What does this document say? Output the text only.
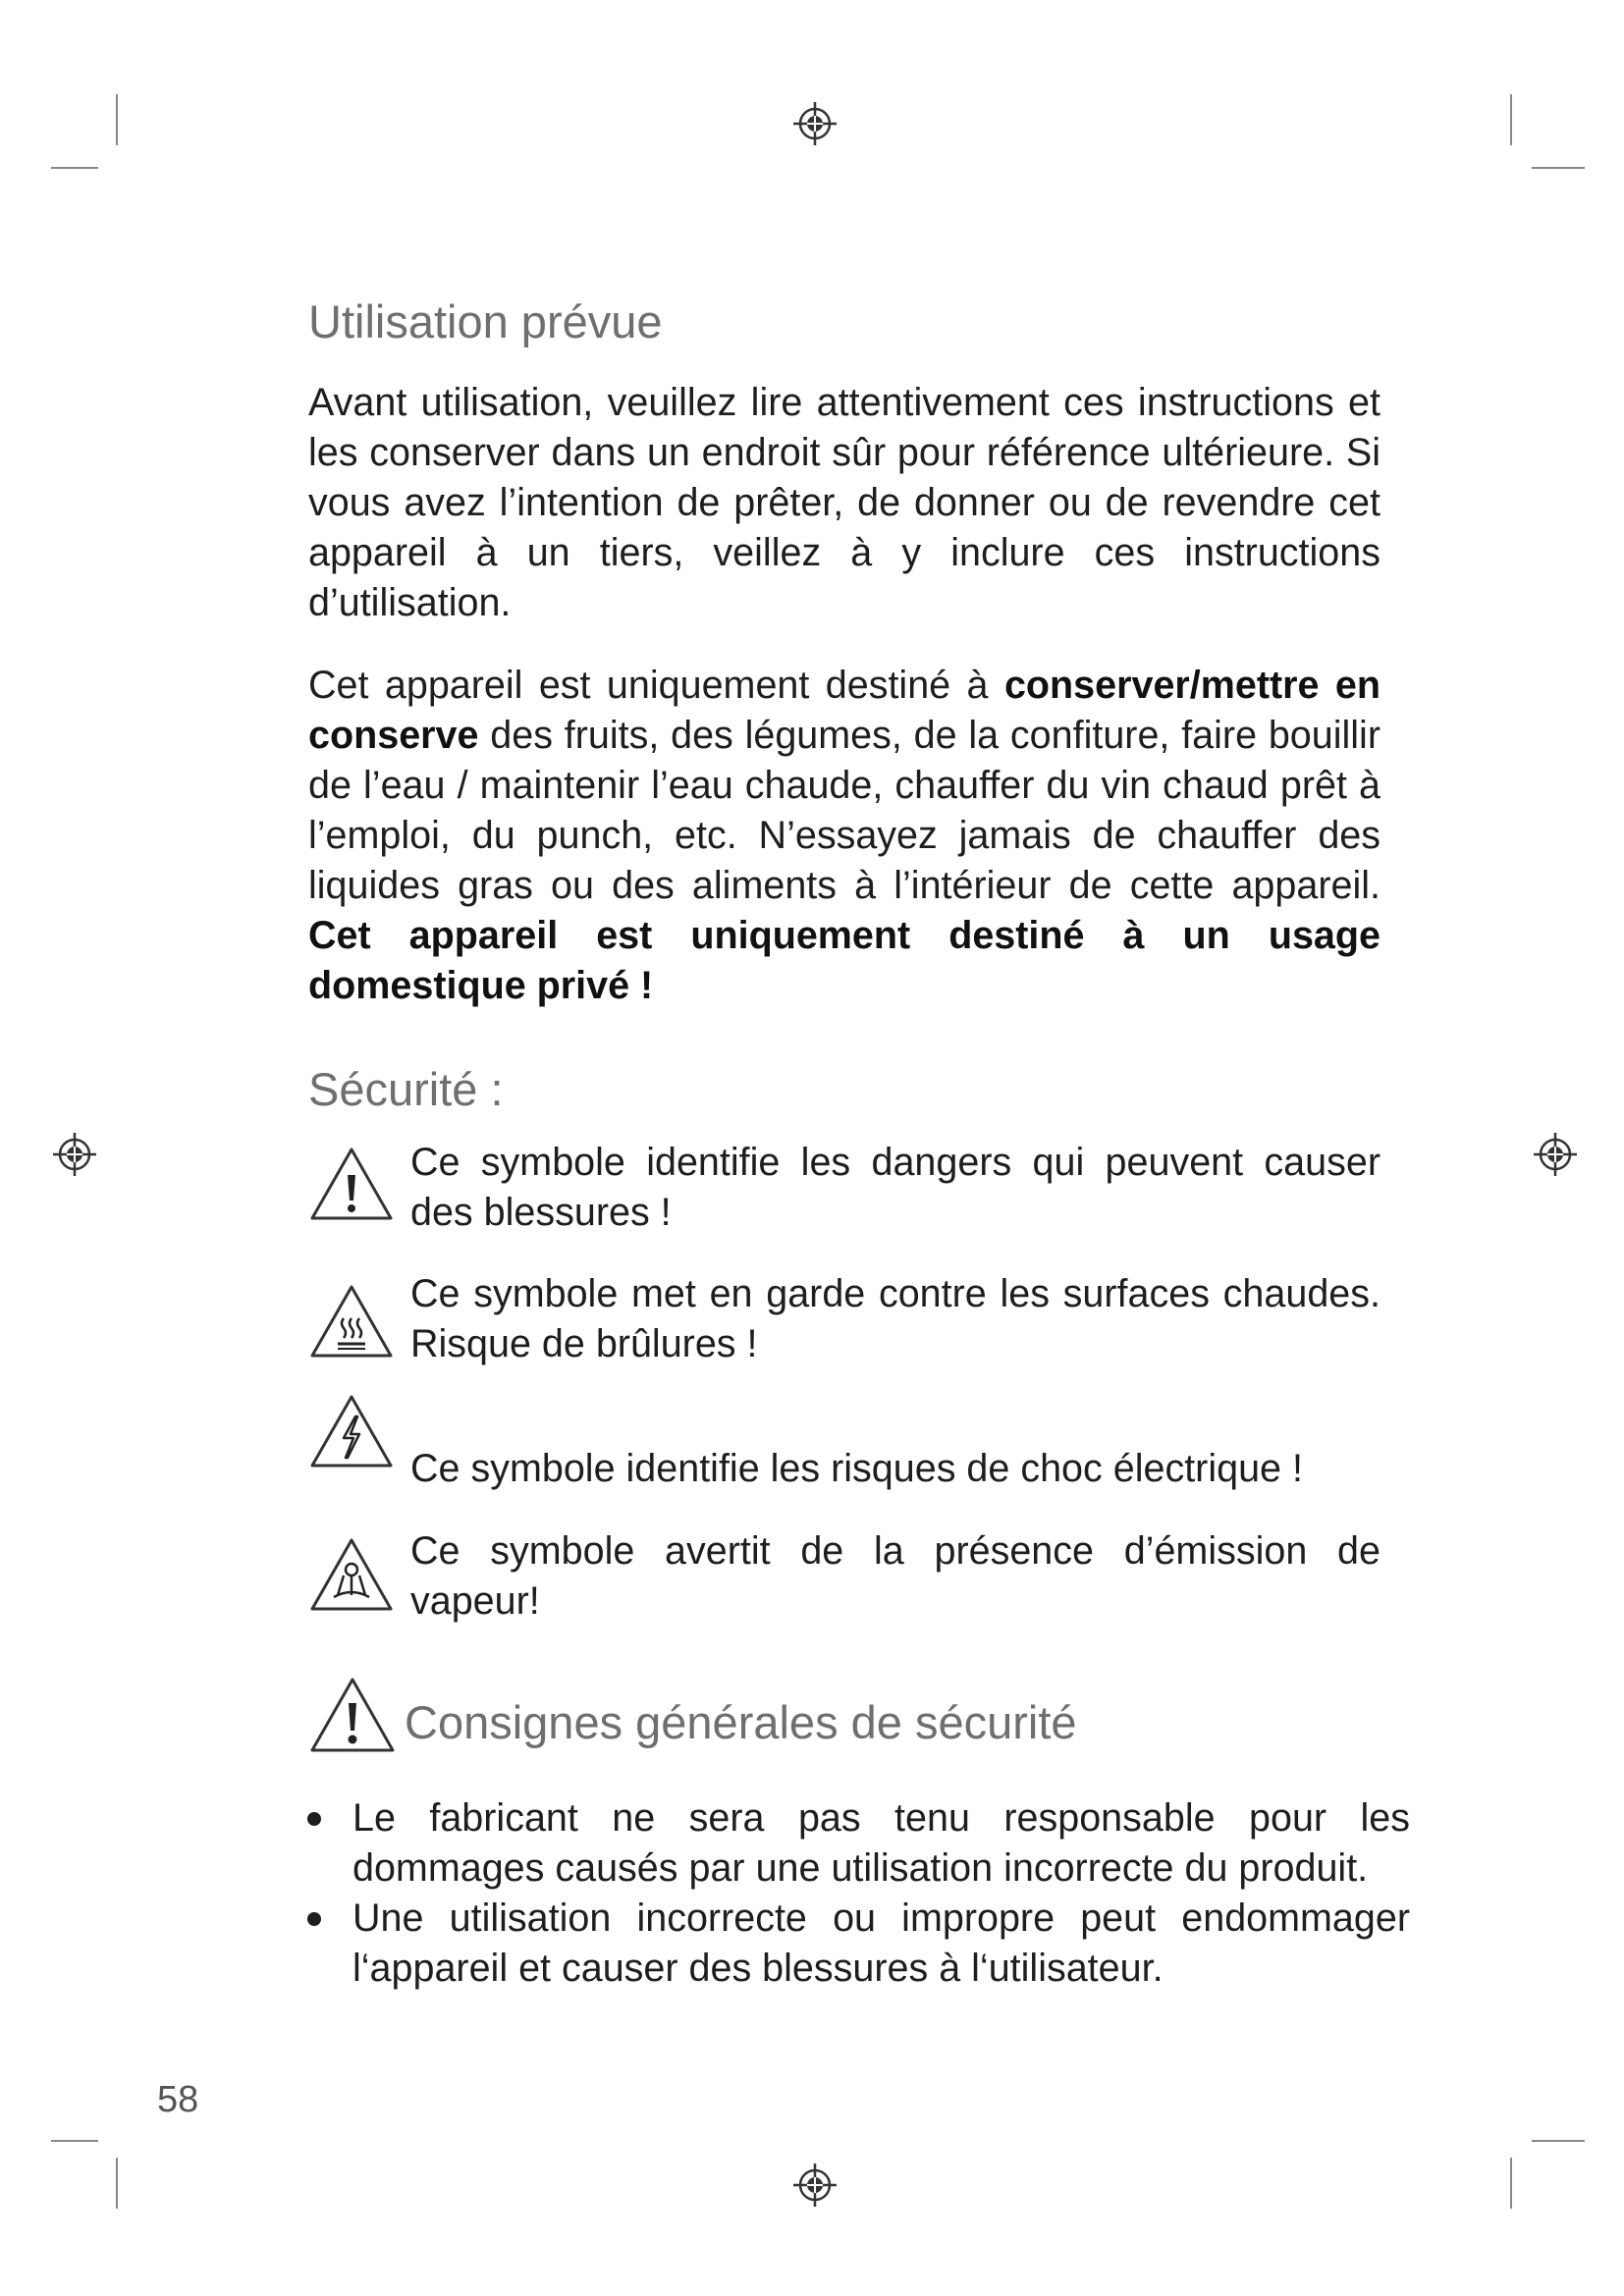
Utilisation prévue

Avant utilisation, veuillez lire attentivement ces instructions et les conserver dans un endroit sûr pour référence ultérieure. Si vous avez l’intention de prêter, de donner ou de revendre cet appareil à un tiers, veillez à y inclure ces instructions d’utilisation.

Cet appareil est uniquement destiné à conserver/mettre en conserve des fruits, des légumes, de la confiture, faire bouillir de l’eau / maintenir l’eau chaude, chauffer du vin chaud prêt à l’emploi, du punch, etc. N’essayez jamais de chauffer des liquides gras ou des aliments à l’intérieur de cette appareil. Cet appareil est uniquement destiné à un usage domestique privé !

Sécurité :
Ce symbole identifie les dangers qui peuvent causer des blessures !
Ce symbole met en garde contre les surfaces chaudes. Risque de brûlures !
Ce symbole identifie les risques de choc électrique !
Ce symbole avertit de la présence d’émission de vapeur!
Consignes générales de sécurité
Le fabricant ne sera pas tenu responsable pour les dommages causés par une utilisation incorrecte du produit.
Une utilisation incorrecte ou impropre peut endommager l‘appareil et causer des blessures à l‘utilisateur.
58
